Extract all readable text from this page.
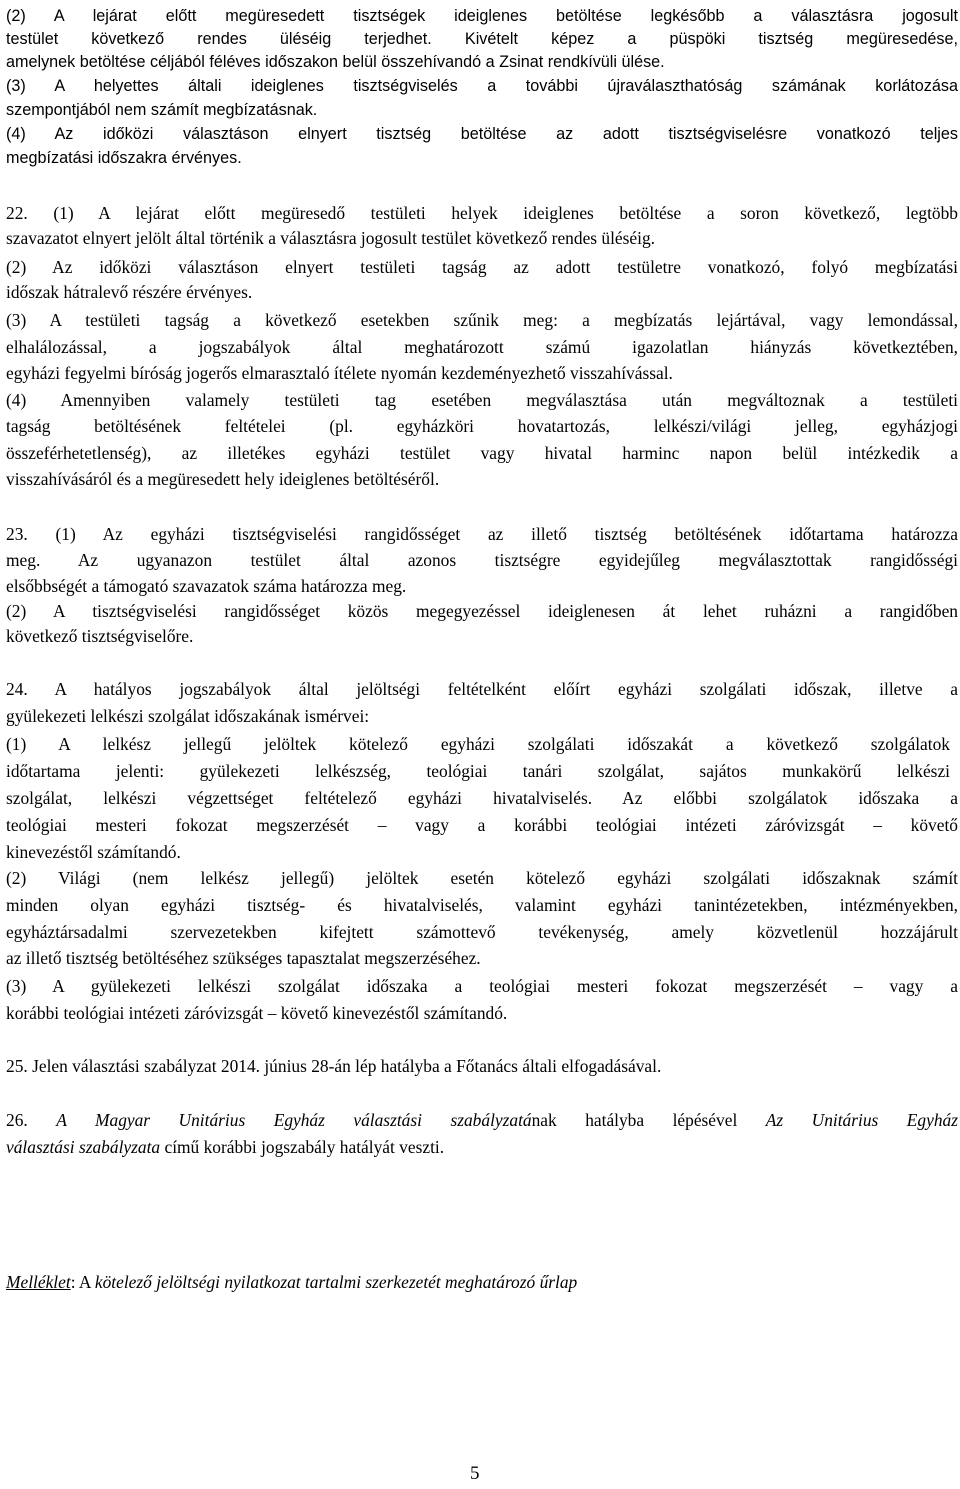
(2) A lejárat előtt megüresedett tisztségek ideiglenes betöltése legkésőbb a választásra jogosult
testület következő rendes üléséig terjedhet. Kivételt képez a püspöki tisztség megüresedése,
amelynek betöltése céljából féléves időszakon belül összehívandó a Zsinat rendkívüli ülése.
(3) A helyettes általi ideiglenes tisztségviselés a további újraválaszthatóság számának korlátozása
szempontjából nem számít megbízatásnak.
(4) Az időközi választáson elnyert tisztség betöltése az adott tisztségviselésre vonatkozó teljes
megbízatási időszakra érvényes.
22. (1) A lejárat előtt megüresedő testületi helyek ideiglenes betöltése a soron következő, legtöbb
szavazatot elnyert jelölt által történik a választásra jogosult testület következő rendes üléséig.
(2) Az időközi választáson elnyert testületi tagság az adott testületre vonatkozó, folyó megbízatási
időszak hátralevő részére érvényes.
(3) A testületi tagság a következő esetekben szűnik meg: a megbízatás lejártával, vagy lemondással,
elhalálozással, a jogszabályok által meghatározott számú igazolatlan hiányzás következtében,
egyházi fegyelmi bíróság jogerős elmarasztaló ítélete nyomán kezdeményezhető visszahívással.
(4) Amennyiben valamely testületi tag esetében megválasztása után megváltoznak a testületi
tagság betöltésének feltételei (pl. egyházköri hovatartozás, lelkészi/világi jelleg, egyházjogi
összeférhetetlenség), az illetékes egyházi testület vagy hivatal harminc napon belül intézkedik a
visszahívásáról és a megüresedett hely ideiglenes betöltéséről.
23. (1) Az egyházi tisztségviselési rangidősséget az illető tisztség betöltésének időtartama határozza
meg. Az ugyanazon testület által azonos tisztségre egyidejűleg megválasztottak rangidősségi
elsőbbségét a támogató szavazatok száma határozza meg.
(2) A tisztségviselési rangidősséget közös megegyezéssel ideiglenesen át lehet ruházni a rangidőben
következő tisztségviselőre.
24. A hatályos jogszabályok által jelöltségi feltételként előírt egyházi szolgálati időszak, illetve a
gyülekezeti lelkészi szolgálat időszakának ismérvei:
(1) A lelkész jellegű jelöltek kötelező egyházi szolgálati időszakát a következő szolgálatok
időtartama jelenti: gyülekezeti lelkészség, teológiai tanári szolgálat, sajátos munkakörű lelkészi
szolgálat, lelkészi végzettséget feltételező egyházi hivatalviselés. Az előbbi szolgálatok időszaka a
teológiai mesteri fokozat megszerzését – vagy a korábbi teológiai intézeti záróvizsgát – követő
kinevezéstől számítandó.
(2) Világi (nem lelkész jellegű) jelöltek esetén kötelező egyházi szolgálati időszaknak számít
minden olyan egyházi tisztség- és hivatalviselés, valamint egyházi tanintézetekben, intézményekben,
egyháztársadalmi szervezetekben kifejtett számottevő tevékenység, amely közvetlenül hozzájárult
az illető tisztség betöltéséhez szükséges tapasztalat megszerzéséhez.
(3) A gyülekezeti lelkészi szolgálat időszaka a teológiai mesteri fokozat megszerzését – vagy a
korábbi teológiai intézeti záróvizsgát – követő kinevezéstől számítandó.
25. Jelen választási szabályzat 2014. június 28-án lép hatályba a Főtanács általi elfogadásával.
26. A Magyar Unitárius Egyház választási szabályzatának hatályba lépésével Az Unitárius Egyház
választási szabályzata című korábbi jogszabály hatályát veszti.
Melléklet: A kötelező jelöltségi nyilatkozat tartalmi szerkezetét meghatározó űrlap
5
